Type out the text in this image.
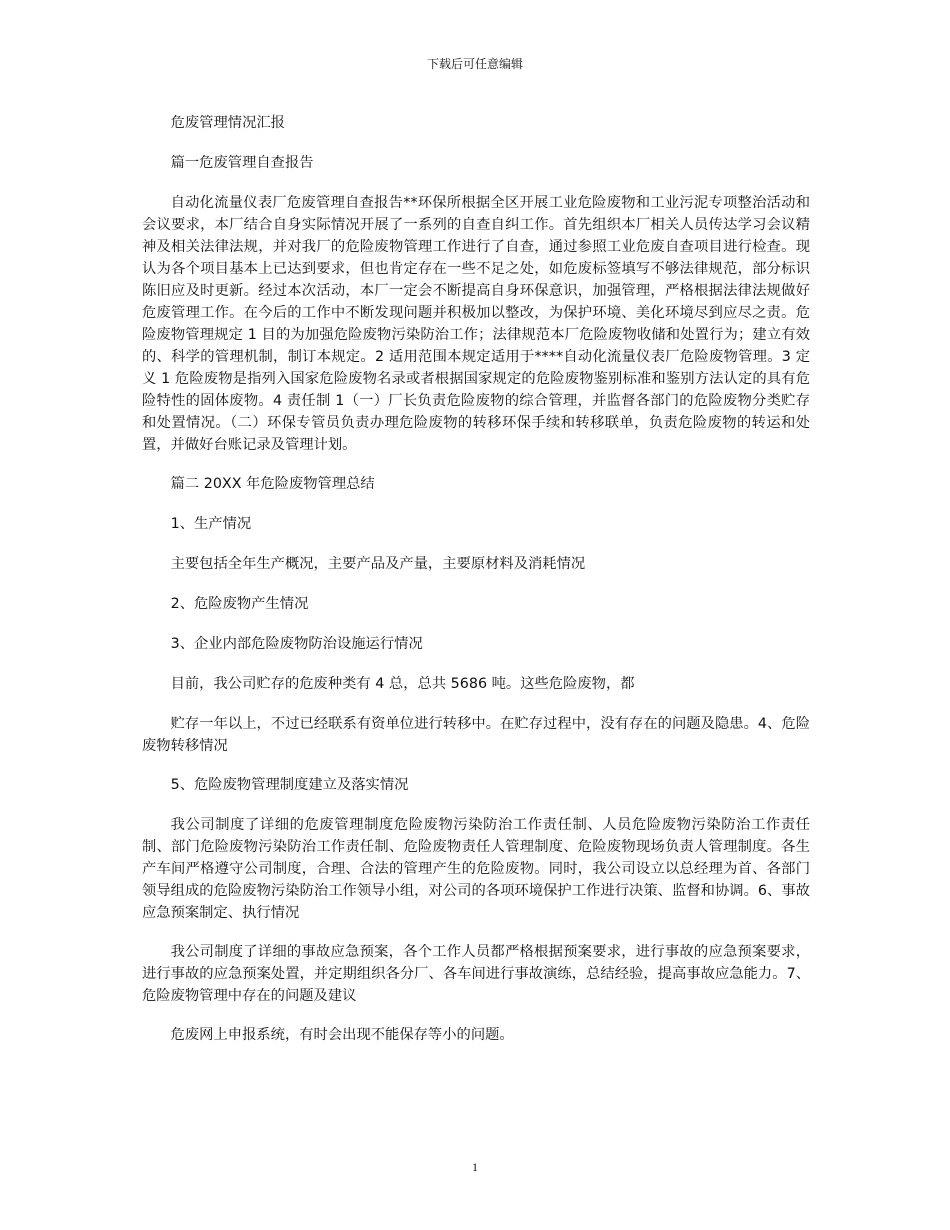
下载后可任意编辑

危废管理情况汇报

篇一危废管理自查报告

自动化流量仪表厂危废管理自查报告**环保所根据全区开展工业危险废物和工业污泥专项整治活动和会议要求，本厂结合自身实际情况开展了一系列的自查自纠工作。首先组织本厂相关人员传达学习会议精神及相关法律法规，并对我厂的危险废物管理工作进行了自查，通过参照工业危废自查项目进行检查。现认为各个项目基本上已达到要求，但也肯定存在一些不足之处，如危废标签填写不够法律规范，部分标识陈旧应及时更新。经过本次活动，本厂一定会不断提高自身环保意识，加强管理，严格根据法律法规做好危废管理工作。在今后的工作中不断发现问题并积极加以整改，为保护环境、美化环境尽到应尽之责。危险废物管理规定 1 目的为加强危险废物污染防治工作；法律规范本厂危险废物收储和处置行为；建立有效的、科学的管理机制，制订本规定。2 适用范围本规定适用于****自动化流量仪表厂危险废物管理。3 定义 1 危险废物是指列入国家危险废物名录或者根据国家规定的危险废物鉴别标准和鉴别方法认定的具有危险特性的固体废物。4 责任制 1（一）厂长负责危险废物的综合管理，并监督各部门的危险废物分类贮存和处置情况。（二）环保专管员负责办理危险废物的转移环保手续和转移联单，负责危险废物的转运和处置，并做好台账记录及管理计划。

篇二 20XX 年危险废物管理总结

1、生产情况

主要包括全年生产概况，主要产品及产量，主要原材料及消耗情况

2、危险废物产生情况

3、企业内部危险废物防治设施运行情况

目前，我公司贮存的危废种类有 4 总，总共 5686 吨。这些危险废物，都

贮存一年以上，不过已经联系有资单位进行转移中。在贮存过程中，没有存在的问题及隐患。4、危险废物转移情况

5、危险废物管理制度建立及落实情况

我公司制度了详细的危废管理制度危险废物污染防治工作责任制、人员危险废物污染防治工作责任制、部门危险废物污染防治工作责任制、危险废物责任人管理制度、危险废物现场负责人管理制度。各生产车间严格遵守公司制度，合理、合法的管理产生的危险废物。同时，我公司设立以总经理为首、各部门领导组成的危险废物污染防治工作领导小组，对公司的各项环境保护工作进行决策、监督和协调。6、事故应急预案制定、执行情况

我公司制度了详细的事故应急预案，各个工作人员都严格根据预案要求，进行事故的应急预案要求，进行事故的应急预案处置，并定期组织各分厂、各车间进行事故演练，总结经验，提高事故应急能力。7、危险废物管理中存在的问题及建议

危废网上申报系统，有时会出现不能保存等小的问题。

1
